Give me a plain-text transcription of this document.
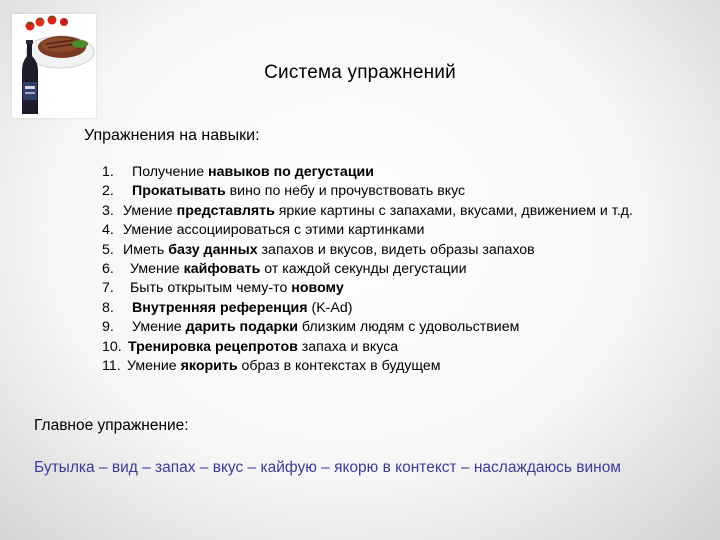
Система упражнений
Упражнения на навыки:
1. Получение навыков по дегустации
2. Прокатывать вино по небу и прочувствовать вкус
3. Умение представлять яркие картины с запахами, вкусами, движением и т.д.
4. Умение ассоциироваться с этими картинками
5. Иметь базу данных запахов и вкусов, видеть образы запахов
6. Умение кайфовать от каждой секунды дегустации
7. Быть открытым чему-то новому
8. Внутренняя референция (K-Ad)
9. Умение дарить подарки близким людям с удовольствием
10. Тренировка рецепротов запаха и вкуса
11. Умение якорить образ в контекстах в будущем
Главное упражнение:
Бутылка – вид – запах – вкус – кайфую – якорю в контекст – наслаждаюсь вином
